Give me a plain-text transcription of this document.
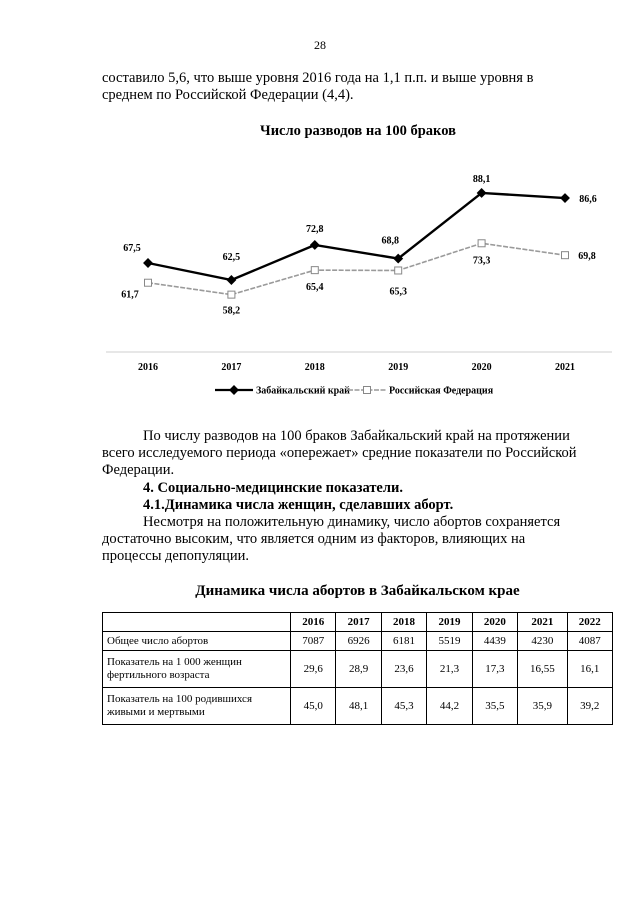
28
составило 5,6, что выше уровня 2016 года на 1,1 п.п. и выше уровня в
среднем по Российской Федерации (4,4).
Число разводов на 100 браков
2016	2017	2018	2019	2020	2021
67,5
62,5
72,8
68,8
88,1
86,6
61,7
58,2
65,4	65,3
73,3	69,8
Забайкальский край	Российская Федерация
По числу разводов на 100 браков Забайкальский край на протяжении
всего исследуемого периода «опережает» средние показатели по Российской
Федерации.
4. Социально-медицинские показатели.
4.1.Динамика числа женщин, сделавших аборт.
Несмотря на положительную динамику, число абортов сохраняется
достаточно высоким, что является одним из факторов, влияющих на
процессы депопуляции.
Динамика числа абортов в Забайкальском крае
	2016	2017	2018	2019	2020	2021	2022
Общее число абортов	7087	6926	6181	5519	4439	4230	4087
Показатель на 1 000 женщин
фертильного возраста	29,6	28,9	23,6	21,3	17,3	16,55	16,1
Показатель на 100 родившихся
живыми и мертвыми	45,0	48,1	45,3	44,2	35,5	35,9	39,2
